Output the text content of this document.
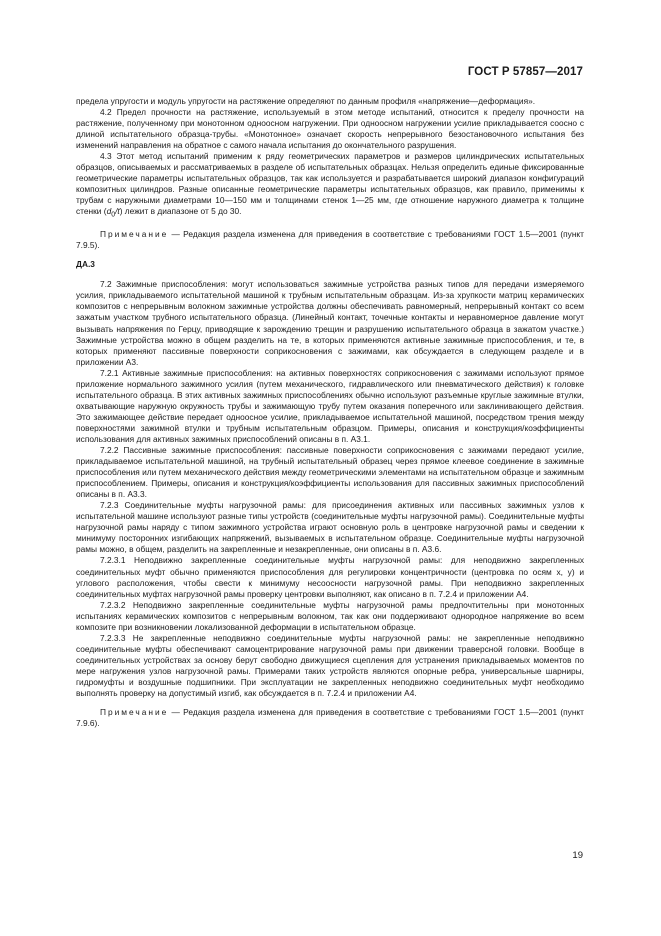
ГОСТ Р 57857—2017

предела упругости и модуль упругости на растяжение определяют по данным профиля «напряжение—деформация».

4.2 Предел прочности на растяжение, используемый в этом методе испытаний, относится к пределу прочности на растяжение, полученному при монотонном одноосном нагружении. При одноосном нагружении усилие прикладывается соосно с длиной испытательного образца-трубы. «Монотонное» означает скорость непрерывного безостановочного испытания без изменений направления на обратное с самого начала испытания до окончательного разрушения.

4.3 Этот метод испытаний применим к ряду геометрических параметров и размеров цилиндрических испытательных образцов, описываемых и рассматриваемых в разделе об испытательных образцах. Нельзя определить единые фиксированные геометрические параметры испытательных образцов, так как используется и разрабатывается широкий диапазон конфигураций композитных цилиндров. Разные описанные геометрические параметры испытательных образцов, как правило, применимы к трубам с наружными диаметрами 10—150 мм и толщинами стенок 1—25 мм, где отношение наружного диаметра к толщине стенки $(d_0/t)$ лежит в диапазоне от 5 до 30.

Примечание — Редакция раздела изменена для приведения в соответствие с требованиями ГОСТ 1.5—2001 (пункт 7.9.5).

ДА.3

7.2 Зажимные приспособления: могут использоваться зажимные устройства разных типов для передачи измеряемого усилия, прикладываемого испытательной машиной к трубным испытательным образцам. Из-за хрупкости матриц керамических композитов с непрерывным волокном зажимные устройства должны обеспечивать равномерный, непрерывный контакт со всем зажатым участком трубного испытательного образца. (Линейный контакт, точечные контакты и неравномерное давление могут вызывать напряжения по Герцу, приводящие к зарождению трещин и разрушению испытательного образца в зажатом участке.) Зажимные устройства можно в общем разделить на те, в которых применяются активные зажимные приспособления, и те, в которых применяют пассивные поверхности соприкосновения с зажимами, как обсуждается в следующем разделе и в приложении А3.

7.2.1 Активные зажимные приспособления: на активных поверхностях соприкосновения с зажимами используют прямое приложение нормального зажимного усилия (путем механического, гидравлического или пневматического действия) к головке испытательного образца. В этих активных зажимных приспособлениях обычно используют разъемные круглые зажимные втулки, охватывающие наружную окружность трубы и зажимающую трубу путем оказания поперечного или заклинивающего действия. Это зажимающее действие передает одноосное усилие, прикладываемое испытательной машиной, посредством трения между поверхностями зажимной втулки и трубным испытательным образцом. Примеры, описания и конструкция/коэффициенты использования для активных зажимных приспособлений описаны в п. А3.1.

7.2.2 Пассивные зажимные приспособления: пассивные поверхности соприкосновения с зажимами передают усилие, прикладываемое испытательной машиной, на трубный испытательный образец через прямое клеевое соединение в зажимные приспособления или путем механического действия между геометрическими элементами на испытательном образце и зажимным приспособлением. Примеры, описания и конструкция/коэффициенты использования для пассивных зажимных приспособлений описаны в п. А3.3.

7.2.3 Соединительные муфты нагрузочной рамы: для присоединения активных или пассивных зажимных узлов к испытательной машине используют разные типы устройств (соединительные муфты нагрузочной рамы). Соединительные муфты нагрузочной рамы наряду с типом зажимного устройства играют основную роль в центровке нагрузочной рамы и сведении к минимуму посторонних изгибающих напряжений, вызываемых в испытательном образце. Соединительные муфты нагрузочной рамы можно, в общем, разделить на закрепленные и незакрепленные, они описаны в п. А3.6.

7.2.3.1 Неподвижно закрепленные соединительные муфты нагрузочной рамы: для неподвижно закрепленных соединительных муфт обычно применяются приспособления для регулировки концентричности (центровка по осям x, y) и углового расположения, чтобы свести к минимуму несоосности нагрузочной рамы. При неподвижно закрепленных соединительных муфтах нагрузочной рамы проверку центровки выполняют, как описано в п. 7.2.4 и приложении А4.

7.2.3.2 Неподвижно закрепленные соединительные муфты нагрузочной рамы предпочтительны при монотонных испытаниях керамических композитов с непрерывным волокном, так как они поддерживают однородное напряжение во всем композите при возникновении локализованной деформации в испытательном образце.

7.2.3.3 Не закрепленные неподвижно соединительные муфты нагрузочной рамы: не закрепленные неподвижно соединительные муфты обеспечивают самоцентрирование нагрузочной рамы при движении траверсной головки. Вообще в соединительных устройствах за основу берут свободно движущиеся сцепления для устранения прикладываемых моментов по мере нагружения узлов нагрузочной рамы. Примерами таких устройств являются опорные ребра, универсальные шарниры, гидромуфты и воздушные подшипники. При эксплуатации не закрепленных неподвижно соединительных муфт необходимо выполнять проверку на допустимый изгиб, как обсуждается в п. 7.2.4 и приложении А4.

Примечание — Редакция раздела изменена для приведения в соответствие с требованиями ГОСТ 1.5—2001 (пункт 7.9.6).

19
